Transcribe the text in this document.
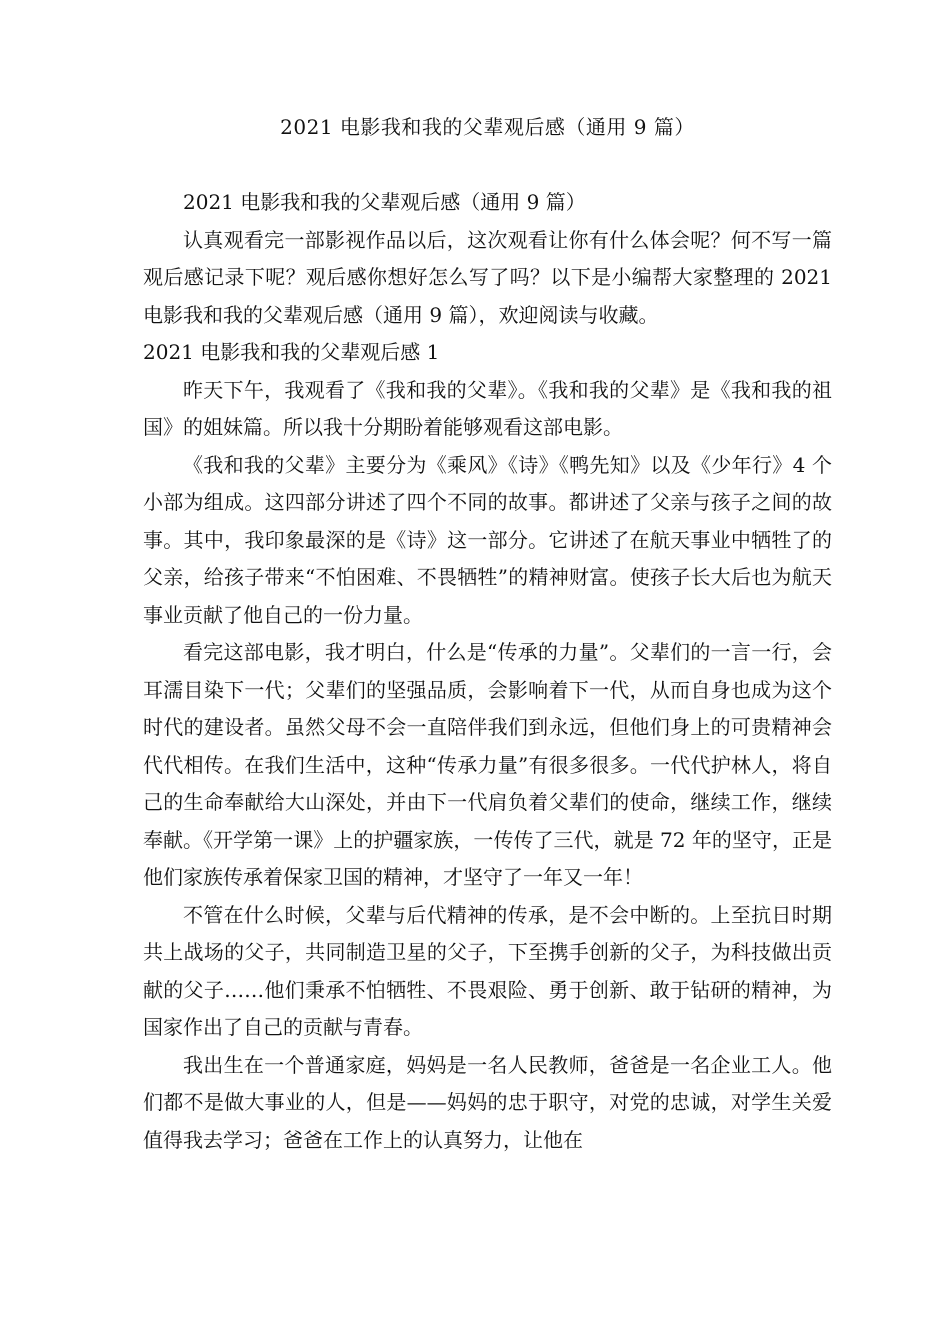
2021 电影我和我的父辈观后感（通用 9 篇）

2021 电影我和我的父辈观后感（通用 9 篇）

认真观看完一部影视作品以后，这次观看让你有什么体会呢？何不写一篇观后感记录下呢？观后感你想好怎么写了吗？以下是小编帮大家整理的 2021 电影我和我的父辈观后感（通用 9 篇），欢迎阅读与收藏。

2021 电影我和我的父辈观后感 1

昨天下午，我观看了《我和我的父辈》。《我和我的父辈》是《我和我的祖国》的姐妹篇。所以我十分期盼着能够观看这部电影。

《我和我的父辈》主要分为《乘风》《诗》《鸭先知》以及《少年行》4 个小部为组成。这四部分讲述了四个不同的故事。都讲述了父亲与孩子之间的故事。其中，我印象最深的是《诗》这一部分。它讲述了在航天事业中牺牲了的父亲，给孩子带来“不怕困难、不畏牺牲”的精神财富。使孩子长大后也为航天事业贡献了他自己的一份力量。

看完这部电影，我才明白，什么是“传承的力量”。父辈们的一言一行，会耳濡目染下一代；父辈们的坚强品质，会影响着下一代，从而自身也成为这个时代的建设者。虽然父母不会一直陪伴我们到永远，但他们身上的可贵精神会代代相传。在我们生活中，这种“传承力量”有很多很多。一代代护林人，将自己的生命奉献给大山深处，并由下一代肩负着父辈们的使命，继续工作，继续奉献。《开学第一课》上的护疆家族，一传传了三代，就是 72 年的坚守，正是他们家族传承着保家卫国的精神，才坚守了一年又一年！

不管在什么时候，父辈与后代精神的传承，是不会中断的。上至抗日时期共上战场的父子，共同制造卫星的父子，下至携手创新的父子，为科技做出贡献的父子……他们秉承不怕牺牲、不畏艰险、勇于创新、敢于钻研的精神，为国家作出了自己的贡献与青春。

我出生在一个普通家庭，妈妈是一名人民教师，爸爸是一名企业工人。他们都不是做大事业的人，但是——妈妈的忠于职守，对党的忠诚，对学生关爱值得我去学习；爸爸在工作上的认真努力，让他在
